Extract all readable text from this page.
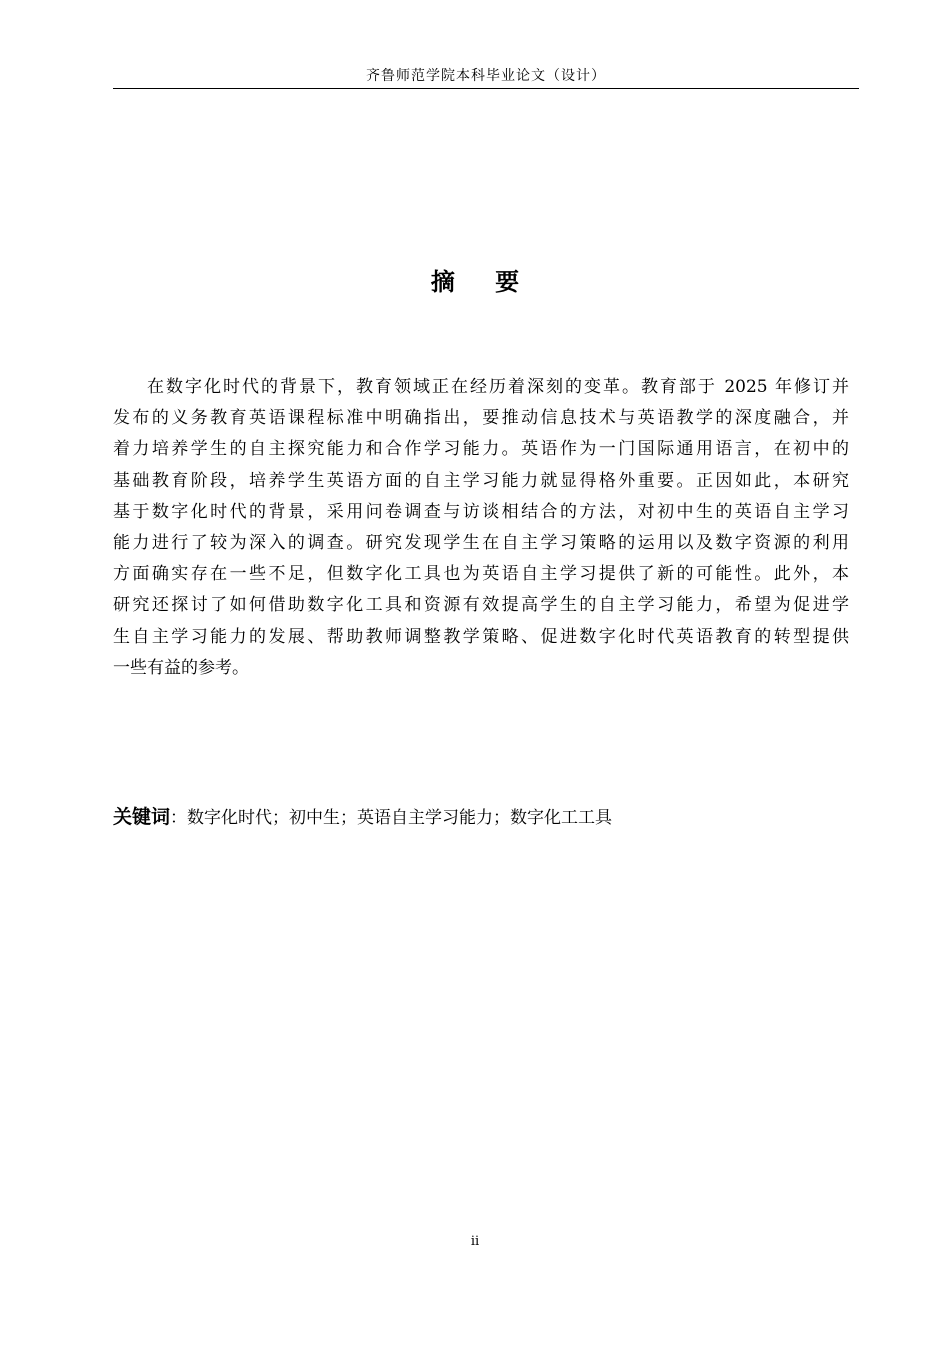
齐鲁师范学院本科毕业论文（设计）
摘 要
在数字化时代的背景下，教育领域正在经历着深刻的变革。教育部于 2025 年修订并
发布的义务教育英语课程标准中明确指出，要推动信息技术与英语教学的深度融合，并
着力培养学生的自主探究能力和合作学习能力。英语作为一门国际通用语言，在初中的
基础教育阶段，培养学生英语方面的自主学习能力就显得格外重要。正因如此，本研究
基于数字化时代的背景，采用问卷调查与访谈相结合的方法，对初中生的英语自主学习
能力进行了较为深入的调查。研究发现学生在自主学习策略的运用以及数字资源的利用
方面确实存在一些不足，但数字化工具也为英语自主学习提供了新的可能性。此外，本
研究还探讨了如何借助数字化工具和资源有效提高学生的自主学习能力，希望为促进学
生自主学习能力的发展、帮助教师调整教学策略、促进数字化时代英语教育的转型提供
一些有益的参考。
关键词：数字化时代；初中生；英语自主学习能力；数字化工工具
ii
